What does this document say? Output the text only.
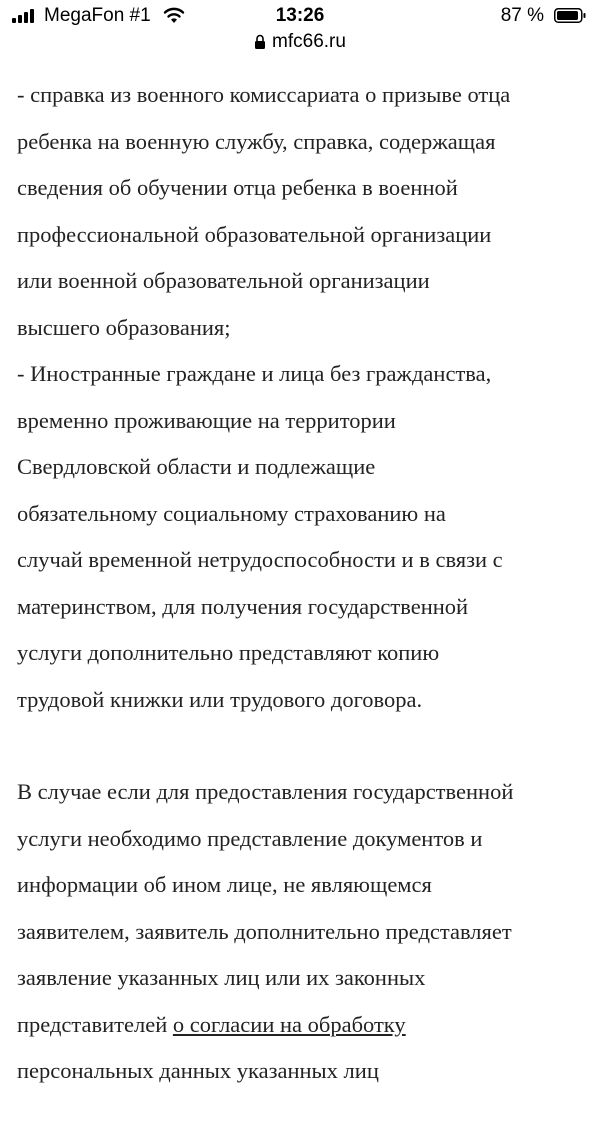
MegaFon #1	13:26	87 %
mfc66.ru
- справка из военного комиссариата о призыве отца
ребенка на военную службу, справка, содержащая
сведения об обучении отца ребенка в военной
профессиональной образовательной организации
или военной образовательной организации
высшего образования;
- Иностранные граждане и лица без гражданства,
временно проживающие на территории
Свердловской области и подлежащие
обязательному социальному страхованию на
случай временной нетрудоспособности и в связи с
материнством, для получения государственной
услуги дополнительно представляют копию
трудовой книжки или трудового договора.
В случае если для предоставления государственной
услуги необходимо представление документов и
информации об ином лице, не являющемся
заявителем, заявитель дополнительно представляет
заявление указанных лиц или их законных
представителей о согласии на обработку
персональных данных указанных лиц
